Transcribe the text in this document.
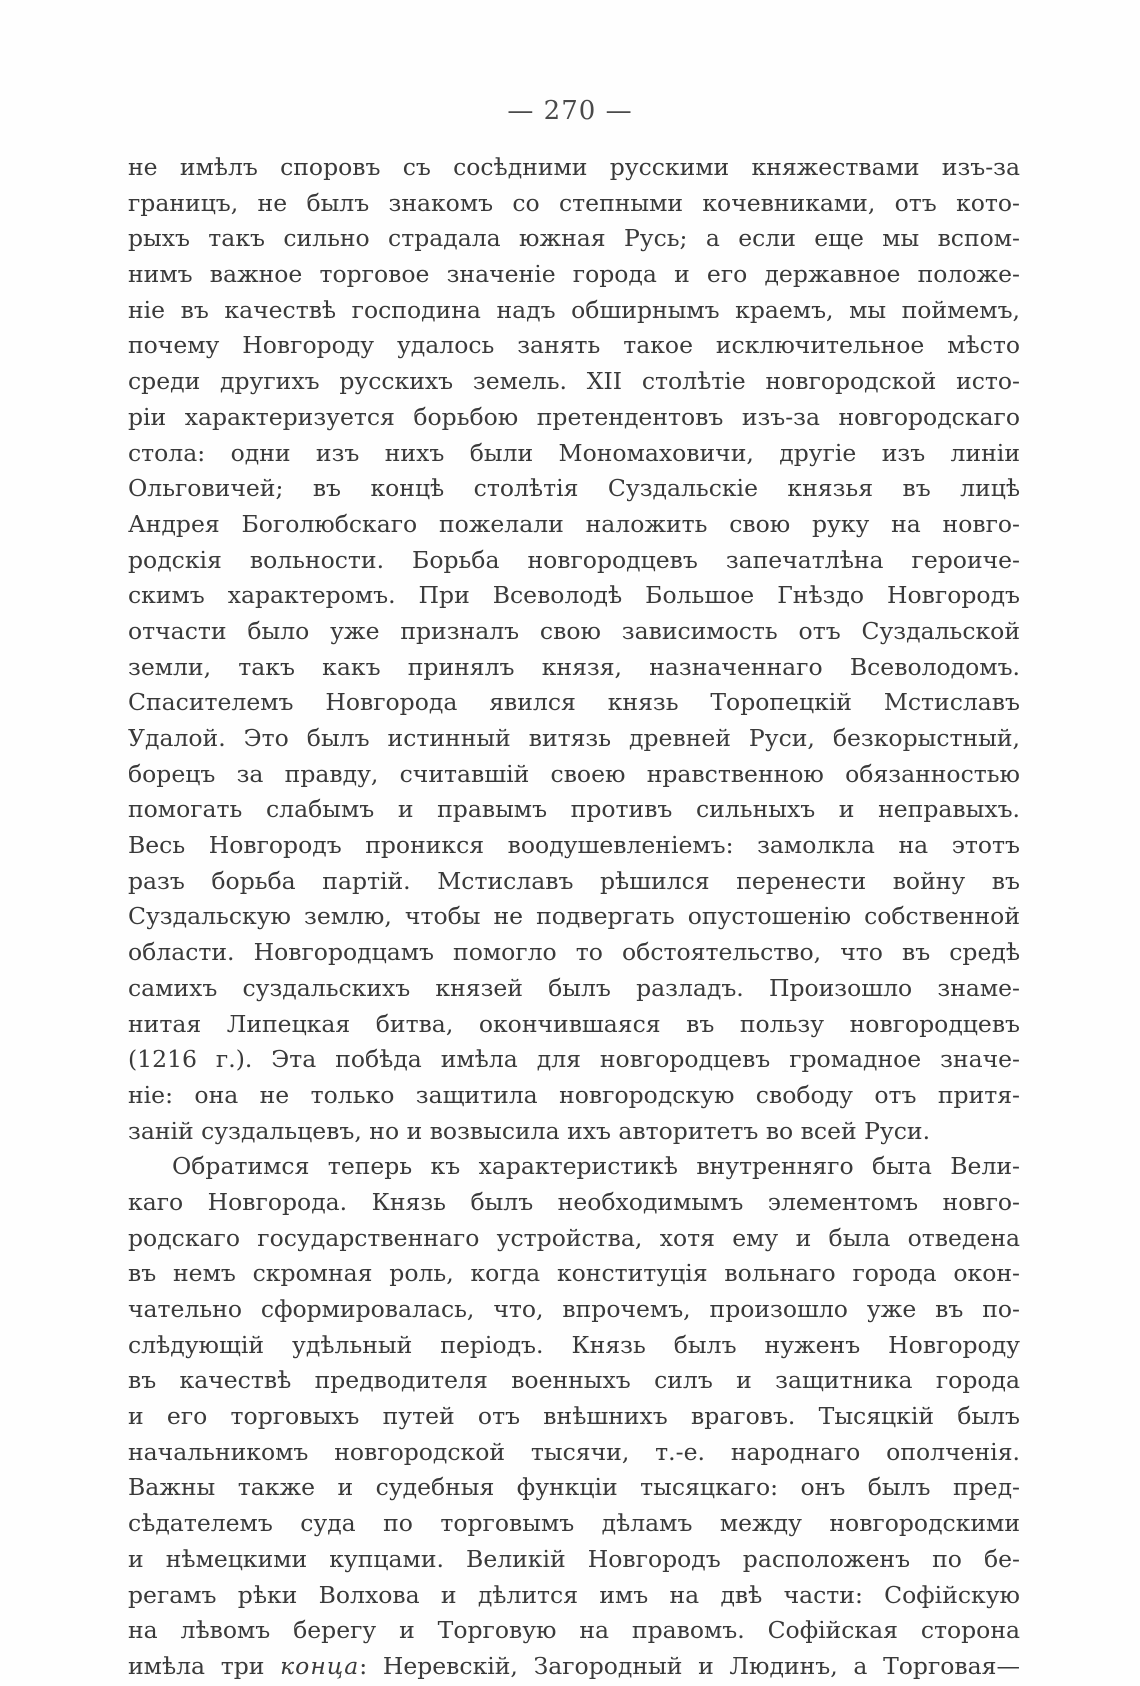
— 270 —
не имѣлъ споровъ съ сосѣдними русскими княжествами изъ-за
границъ, не былъ знакомъ со степными кочевниками, отъ кото-
рыхъ такъ сильно страдала южная Русь; а если еще мы вспом-
нимъ важное торговое значеніе города и его державное положе-
ніе въ качествѣ господина надъ обширнымъ краемъ, мы поймемъ,
почему Новгороду удалось занять такое исключительное мѣсто
среди другихъ русскихъ земель. XII столѣтіе новгородской исто-
ріи характеризуется борьбою претендентовъ изъ-за новгородскаго
стола: одни изъ нихъ были Мономаховичи, другіе изъ линіи
Ольговичей; въ концѣ столѣтія Суздальскіе князья въ лицѣ
Андрея Боголюбскаго пожелали наложить свою руку на новго-
родскія вольности. Борьба новгородцевъ запечатлѣна героиче-
скимъ характеромъ. При Всеволодѣ Большое Гнѣздо Новгородъ
отчасти было уже призналъ свою зависимость отъ Суздальской
земли, такъ какъ принялъ князя, назначеннаго Всеволодомъ.
Спасителемъ Новгорода явился князь Торопецкій Мстиславъ
Удалой. Это былъ истинный витязь древней Руси, безкорыстный,
борецъ за правду, считавшій своею нравственною обязанностью
помогать слабымъ и правымъ противъ сильныхъ и неправыхъ.
Весь Новгородъ проникся воодушевленіемъ: замолкла на этотъ
разъ борьба партій. Мстиславъ рѣшился перенести войну въ
Суздальскую землю, чтобы не подвергать опустошенію собственной
области. Новгородцамъ помогло то обстоятельство, что въ средѣ
самихъ суздальскихъ князей былъ разладъ. Произошло знаме-
нитая Липецкая битва, окончившаяся въ пользу новгородцевъ
(1216 г.). Эта побѣда имѣла для новгородцевъ громадное значе-
ніе: она не только защитила новгородскую свободу отъ притя-
заній суздальцевъ, но и возвысила ихъ авторитетъ во всей Руси.
Обратимся теперь къ характеристикѣ внутренняго быта Вели-
каго Новгорода. Князь былъ необходимымъ элементомъ новго-
родскаго государственнаго устройства, хотя ему и была отведена
въ немъ скромная роль, когда конституція вольнаго города окон-
чательно сформировалась, что, впрочемъ, произошло уже въ по-
слѣдующій удѣльный періодъ. Князь былъ нуженъ Новгороду
въ качествѣ предводителя военныхъ силъ и защитника города
и его торговыхъ путей отъ внѣшнихъ враговъ. Тысяцкій былъ
начальникомъ новгородской тысячи, т.-е. народнаго ополченія.
Важны также и судебныя функціи тысяцкаго: онъ былъ пред-
сѣдателемъ суда по торговымъ дѣламъ между новгородскими
и нѣмецкими купцами. Великій Новгородъ расположенъ по бе-
регамъ рѣки Волхова и дѣлится имъ на двѣ части: Софійскую
на лѣвомъ берегу и Торговую на правомъ. Софійская сторона
имѣла три конца: Неревскій, Загородный и Людинъ, а Торговая—
